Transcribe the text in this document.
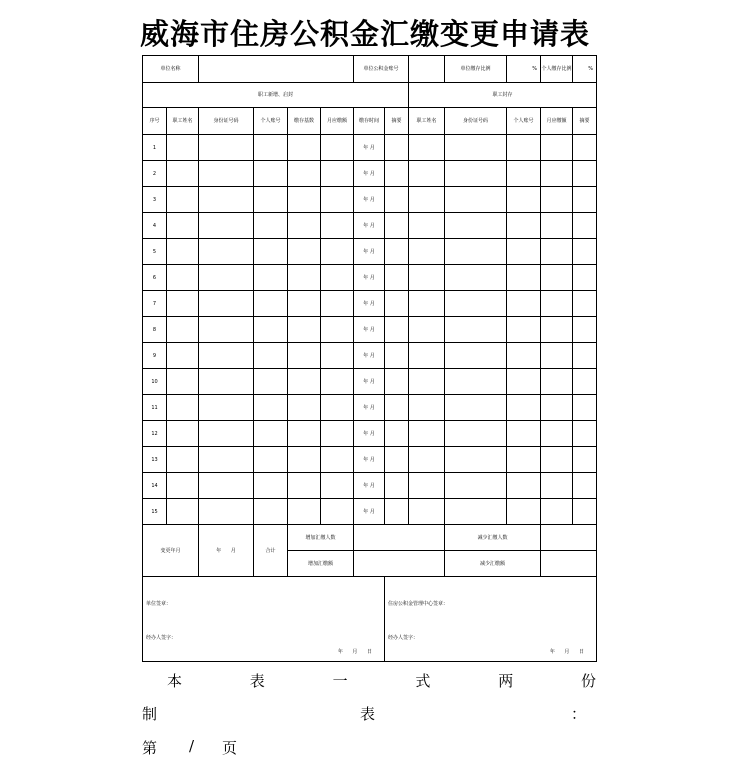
威海市住房公积金汇缴变更申请表
单位名称						单位公积金账号			单位缴存比例	%	个人缴存比例	%
职工新增、启封								职工封存				
序号	职工姓名	身份证号码	个人账号	缴存基数	月应缴额	缴存时间	摘要	职工姓名	身份证号码	个人账号	月应缴额	摘要
1						年 月						
2						年 月						
3						年 月						
4						年 月						
5						年 月						
6						年 月						
7						年 月						
8						年 月						
9						年 月						
10						年 月						
11						年 月						
12						年 月						
13						年 月						
14						年 月						
15						年 月						
变更年月		年 月	合计	增加汇缴人数					减少汇缴人数			
				增加汇缴额					减少汇缴额			

单位签章：
经办人签字：
年 月 日							住房公积金管理中心签章：
经办人签字：
年 月 日					
本	表	一	式	两	份
制	表	：
第 / 页
